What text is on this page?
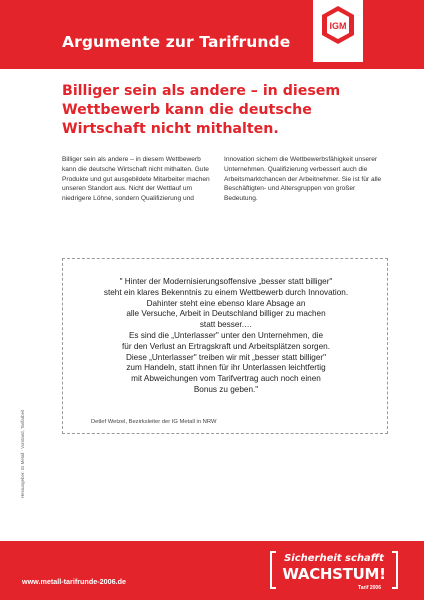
Argumente zur Tarifrunde
IGM
Billiger sein als andere – in diesem Wettbewerb kann die deutsche Wirtschaft nicht mithalten.
Billiger sein als andere – in diesem Wettbewerb kann die deutsche Wirtschaft nicht mithalten. Gute Produkte und gut ausgebildete Mitarbeiter machen unseren Standort aus. Nicht der Wettlauf um niedrigere Löhne, sondern Qualifizierung und
Innovation sichern die Wettbewerbsfähigkeit unserer Unternehmen. Qualifizierung verbessert auch die Arbeitsmarktchancen der Arbeitnehmer. Sie ist für alle Beschäftigten- und Altersgruppen von großer Bedeutung.
" Hinter der Modernisierungsoffensive „besser statt billiger"
steht ein klares Bekenntnis zu einem Wettbewerb durch Innovation.
Dahinter steht eine ebenso klare Absage an
alle Versuche, Arbeit in Deutschland billiger zu machen
statt besser.…
Es sind die „Unterlasser" unter den Unternehmen, die
für den Verlust an Ertragskraft und Arbeitsplätzen sorgen.
Diese „Unterlasser" treiben wir mit „besser statt billiger"
zum Handeln, statt ihnen für ihr Unterlassen leichtfertig
mit Abweichungen vom Tarifvertrag auch noch einen
Bonus zu geben."
Detlef Wetzel, Bezirksleiter der IG Metall in NRW
Herausgeber: IG Metall · Vorstand, Tarifarbeit
www.metall-tarifrunde-2006.de
Sicherheit schafft
WACHSTUM!
Tarif 2006
